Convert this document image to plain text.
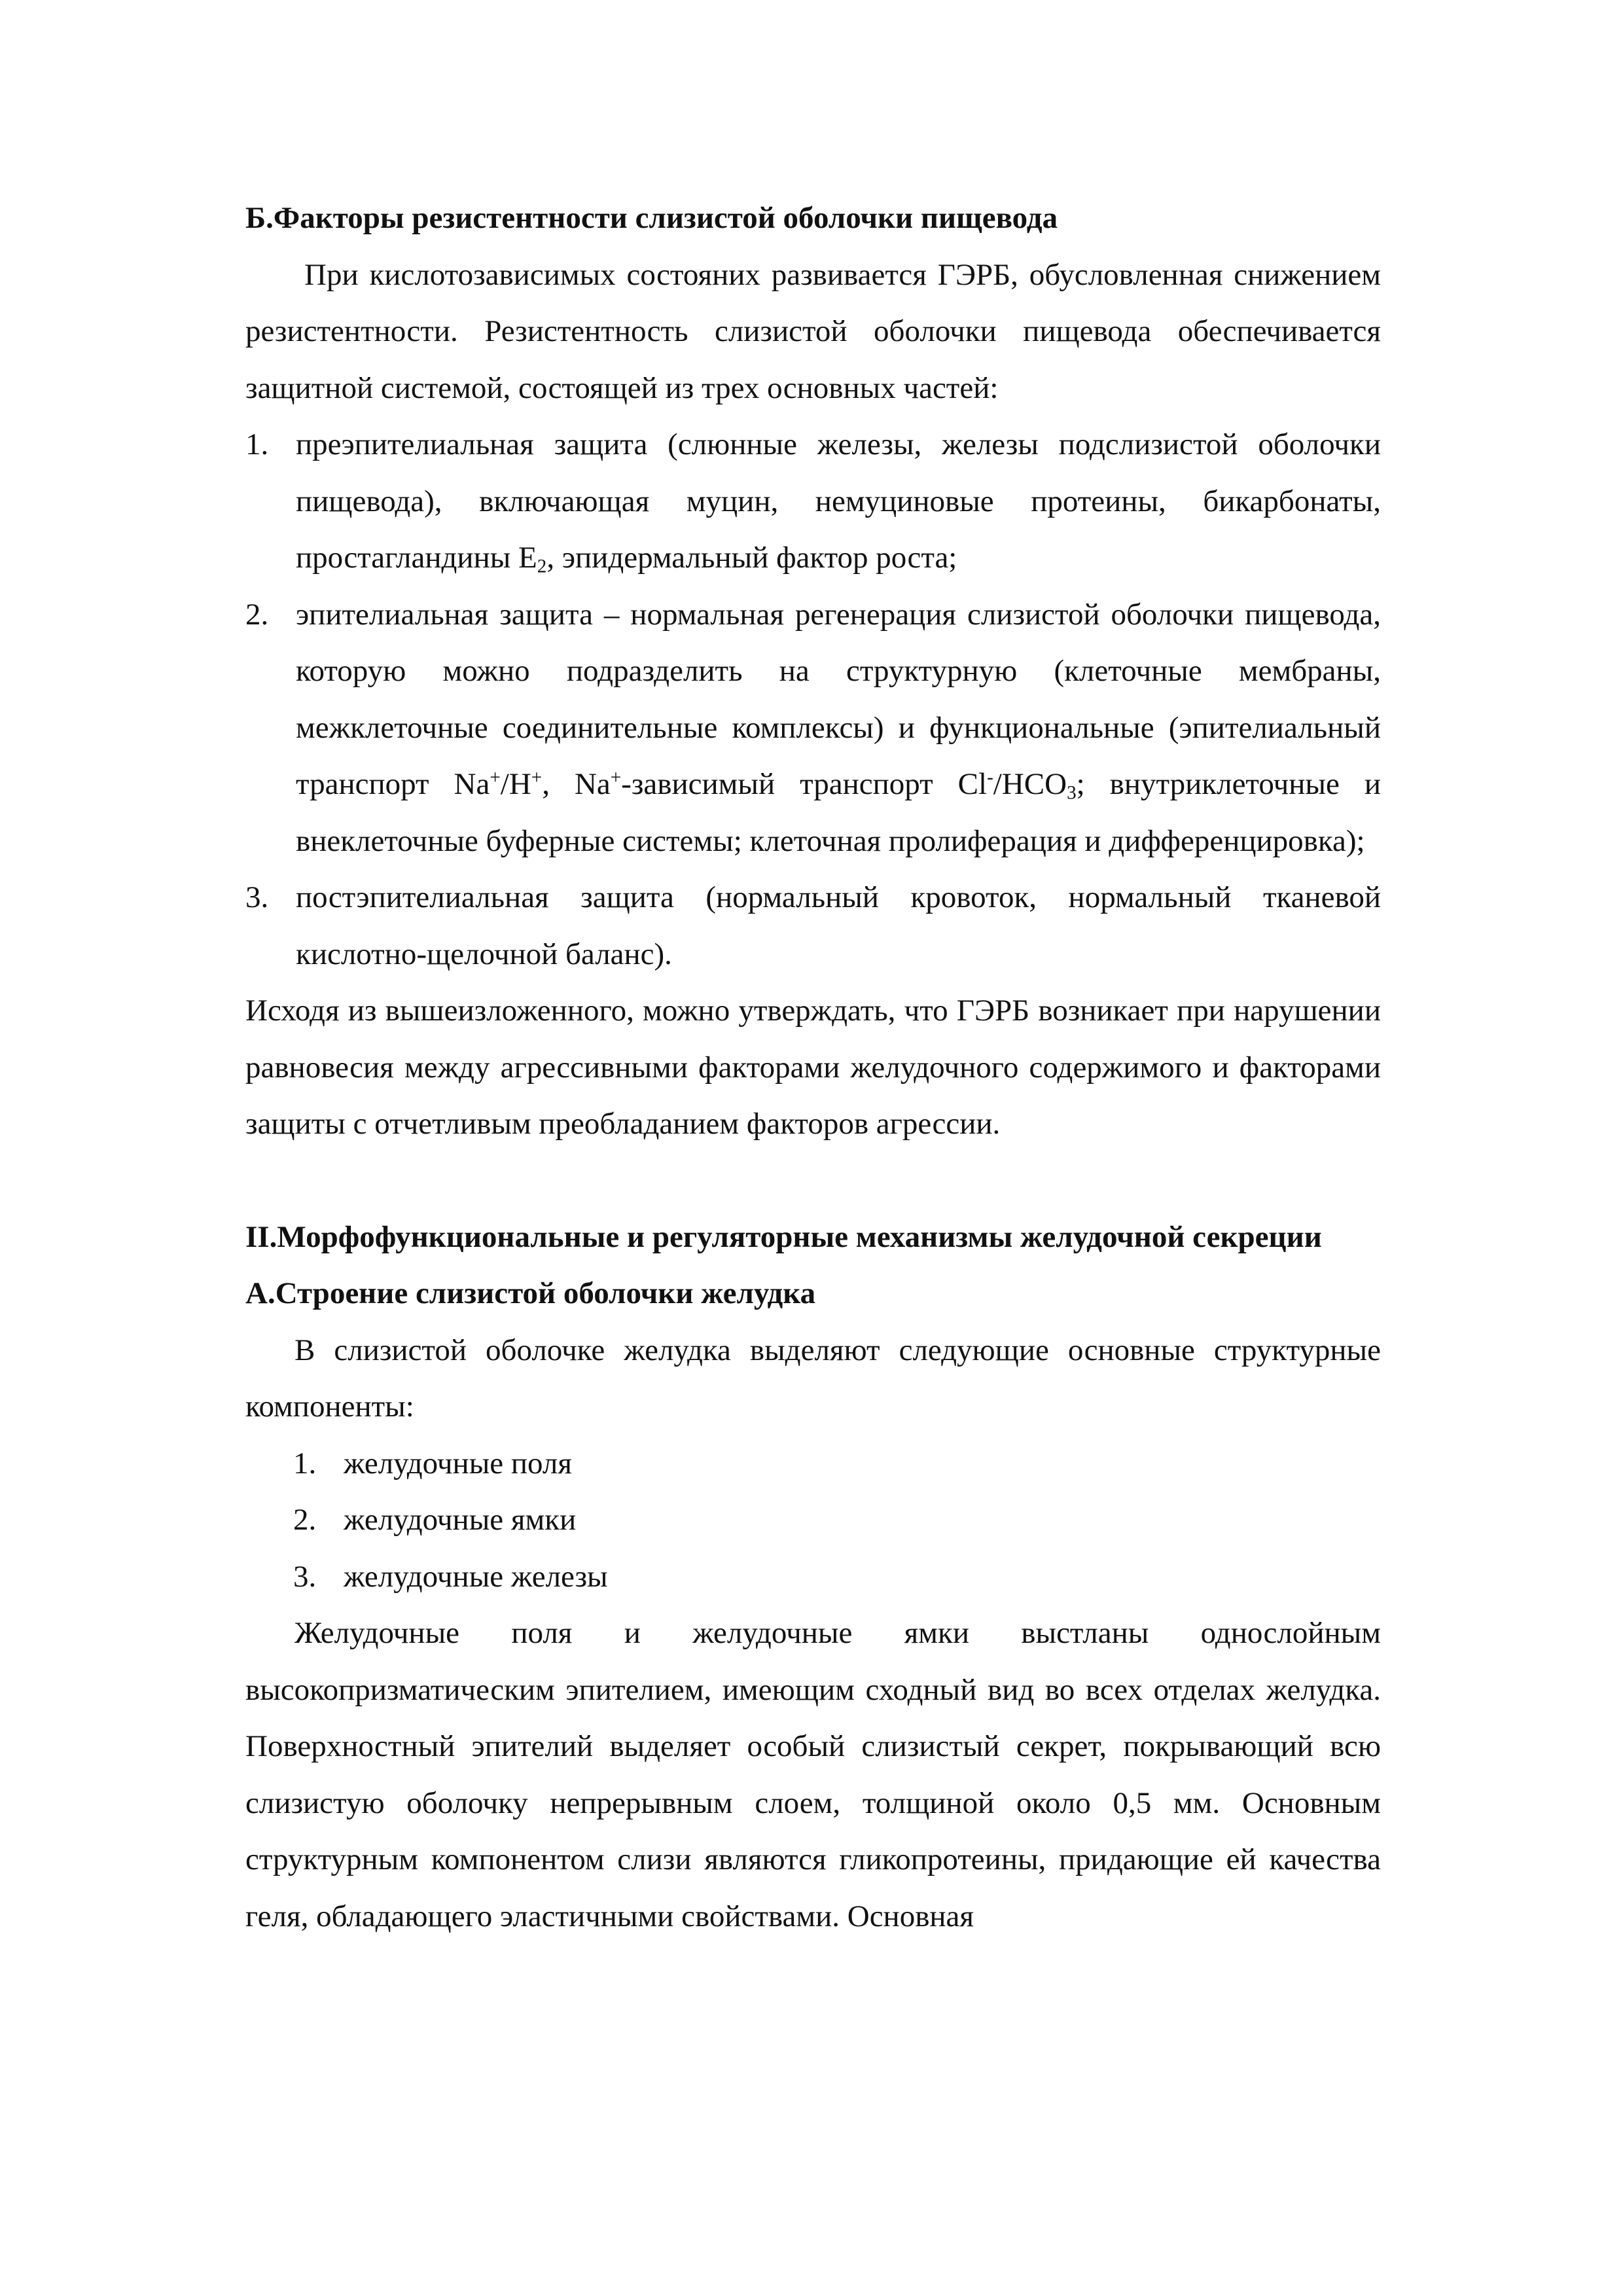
Б.Факторы резистентности слизистой оболочки пищевода

При кислотозависимых состояних развивается ГЭРБ, обусловленная снижением резистентности. Резистентность слизистой оболочки пищевода обеспечивается защитной системой, состоящей из трех основных частей:

1. преэпителиальная защита (слюнные железы, железы подслизистой оболочки пищевода), включающая муцин, немуциновые протеины, бикарбонаты, простагландины $E_2$, эпидермальный фактор роста;
2. эпителиальная защита – нормальная регенерация слизистой оболочки пищевода, которую можно подразделить на структурную (клеточные мембраны, межклеточные соединительные комплексы) и функциональные (эпителиальный транспорт Na+/H+, Na+-зависимый транспорт $Cl^-/HCO_3$; внутриклеточные и внеклеточные буферные системы; клеточная пролиферация и дифференцировка);
3. постэпителиальная защита (нормальный кровоток, нормальный тканевой кислотно-щелочной баланс).

Исходя из вышеизложенного, можно утверждать, что ГЭРБ возникает при нарушении равновесия между агрессивными факторами желудочного содержимого и факторами защиты с отчетливым преобладанием факторов агрессии.

II.Морфофункциональные и регуляторные механизмы желудочной секреции
А.Строение слизистой оболочки желудка

В слизистой оболочке желудка выделяют следующие основные структурные компоненты:

1. желудочные поля
2. желудочные ямки
3. желудочные железы

Желудочные поля и желудочные ямки выстланы однослойным высокопризматическим эпителием, имеющим сходный вид во всех отделах желудка. Поверхностный эпителий выделяет особый слизистый секрет, покрывающий всю слизистую оболочку непрерывным слоем, толщиной около 0,5 мм. Основным структурным компонентом слизи являются гликопротеины, придающие ей качества геля, обладающего эластичными свойствами. Основная
